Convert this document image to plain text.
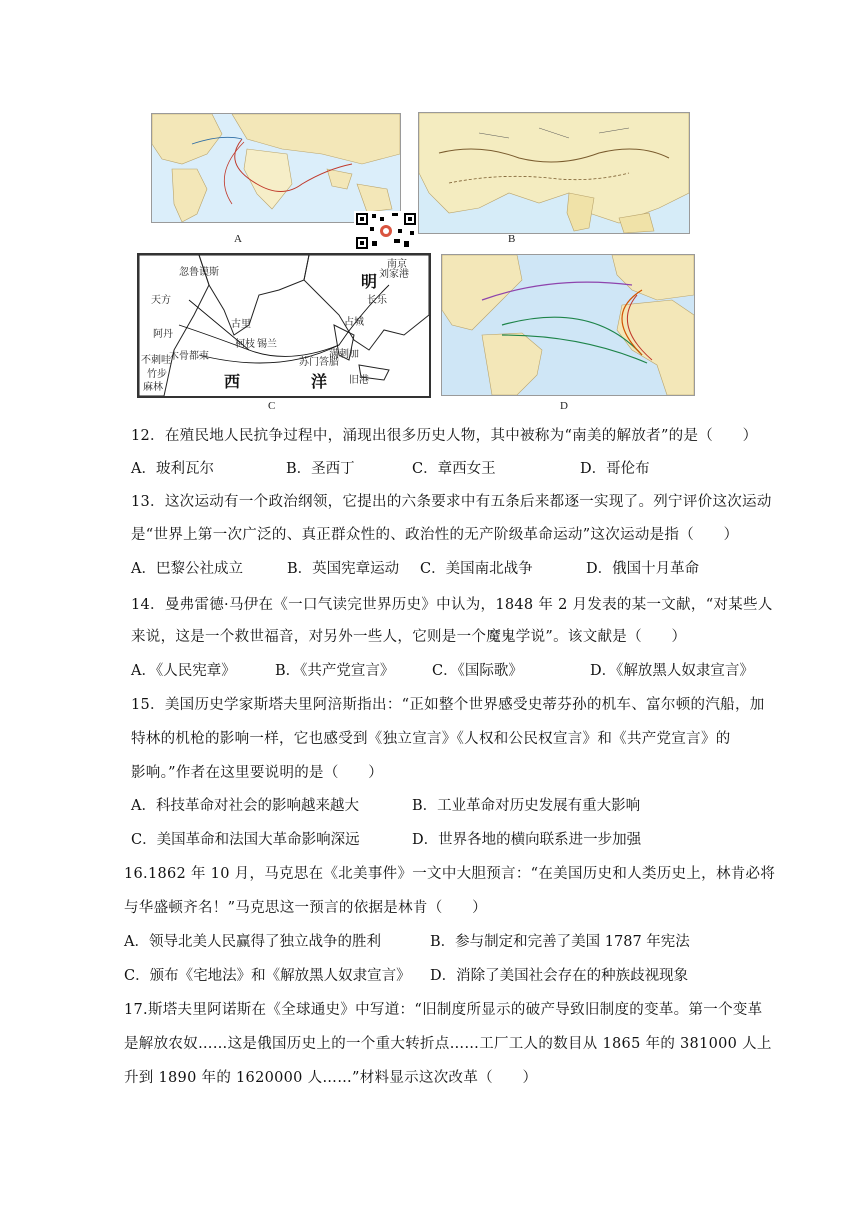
A	B
忽鲁谟斯
天方
阿丹
不刺哇
木骨都束
竹步
麻林
古里
柯枝 锡兰
明
南京
刘家港
长乐
占城
满剌加
苏门答腊
旧港
西	洋
C	D
12．在殖民地人民抗争过程中，涌现出很多历史人物，其中被称为“南美的解放者”的是（　　）
A．玻利瓦尔	B．圣西丁	C．章西女王	D．哥伦布
13．这次运动有一个政治纲领，它提出的六条要求中有五条后来都逐一实现了。列宁评价这次运动
是“世界上第一次广泛的、真正群众性的、政治性的无产阶级革命运动”这次运动是指（　　）
A．巴黎公社成立	B．英国宪章运动 C．美国南北战争	D．俄国十月革命
14．曼弗雷德·马伊在《一口气读完世界历史》中认为，1848 年 2 月发表的某一文献，“对某些人
来说，这是一个救世福音，对另外一些人，它则是一个魔鬼学说”。该文献是（　　）
A．《人民宪章》	B．《共产党宣言》	C．《国际歌》	D．《解放黑人奴隶宣言》
15．美国历史学家斯塔夫里阿涪斯指出：“正如整个世界感受史蒂芬孙的机车、富尔顿的汽船，加
特林的机枪的影响一样，它也感受到《独立宣言》《人权和公民权宣言》和《共产党宣言》的
影响。”作者在这里要说明的是（　　）
A．科技革命对社会的影响越来越大	B．工业革命对历史发展有重大影响
C．美国革命和法国大革命影响深远	D．世界各地的横向联系进一步加强
16.1862 年 10 月，马克思在《北美事件》一文中大胆预言：“在美国历史和人类历史上，林肯必将
与华盛顿齐名！”马克思这一预言的依据是林肯（　　）
A．领导北美人民赢得了独立战争的胜利	B．参与制定和完善了美国 1787 年宪法
C．颁布《宅地法》和《解放黑人奴隶宣言》 D．消除了美国社会存在的种族歧视现象
17.斯塔夫里阿诺斯在《全球通史》中写道：“旧制度所显示的破产导致旧制度的变革。第一个变革
是解放农奴……这是俄国历史上的一个重大转折点……工厂工人的数目从 1865 年的 381000 人上
升到 1890 年的 1620000 人……”材料显示这次改革（　　）
